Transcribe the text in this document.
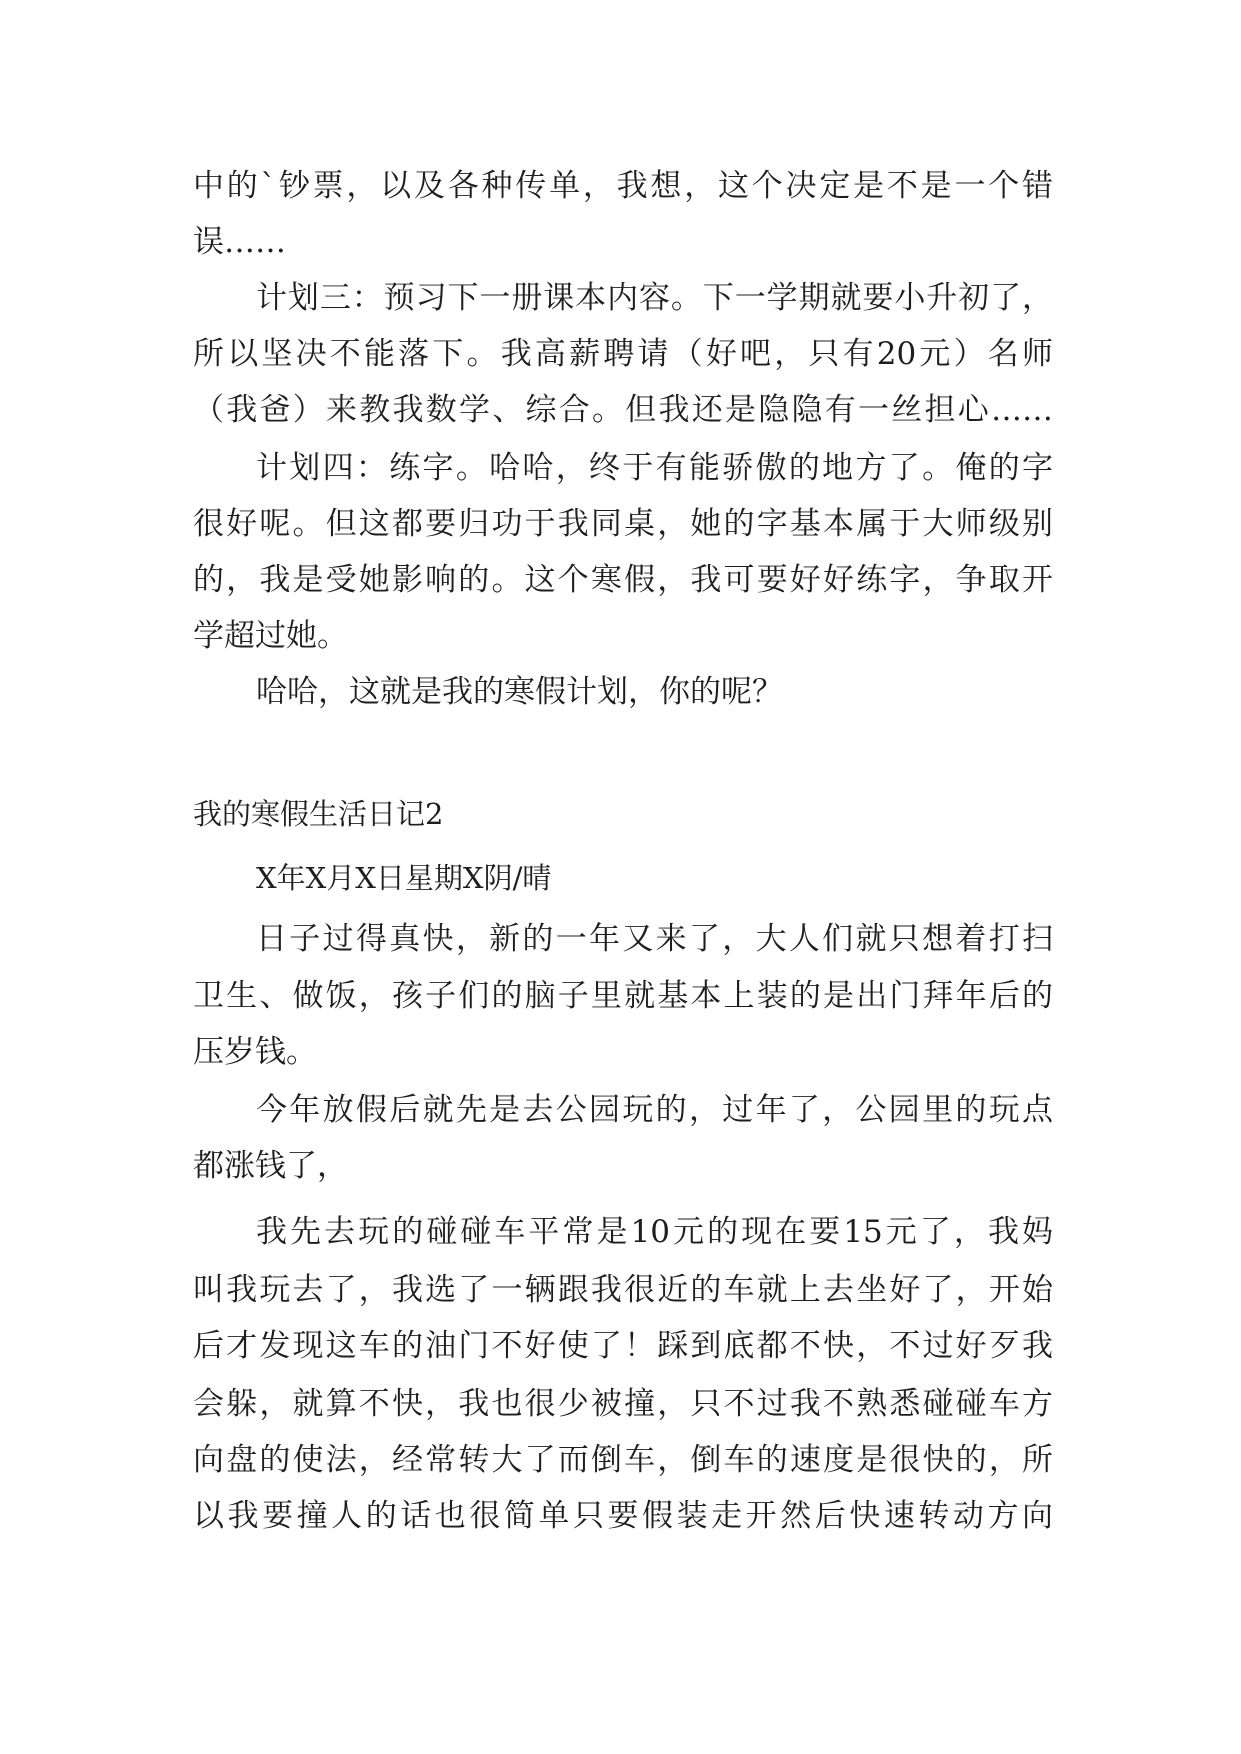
中的`钞票，以及各种传单，我想，这个决定是不是一个错
误……
计划三：预习下一册课本内容。下一学期就要小升初了，
所以坚决不能落下。我高薪聘请（好吧，只有20元）名师
（我爸）来教我数学、综合。但我还是隐隐有一丝担心……
计划四：练字。哈哈，终于有能骄傲的地方了。俺的字
很好呢。但这都要归功于我同桌，她的字基本属于大师级别
的，我是受她影响的。这个寒假，我可要好好练字，争取开
学超过她。
哈哈，这就是我的寒假计划，你的呢？
我的寒假生活日记2
X年X月X日星期X阴/晴
日子过得真快，新的一年又来了，大人们就只想着打扫
卫生、做饭，孩子们的脑子里就基本上装的是出门拜年后的
压岁钱。
今年放假后就先是去公园玩的，过年了，公园里的玩点
都涨钱了，
我先去玩的碰碰车平常是10元的现在要15元了，我妈
叫我玩去了，我选了一辆跟我很近的车就上去坐好了，开始
后才发现这车的油门不好使了！踩到底都不快，不过好歹我
会躲，就算不快，我也很少被撞，只不过我不熟悉碰碰车方
向盘的使法，经常转大了而倒车，倒车的速度是很快的，所
以我要撞人的话也很简单只要假装走开然后快速转动方向
